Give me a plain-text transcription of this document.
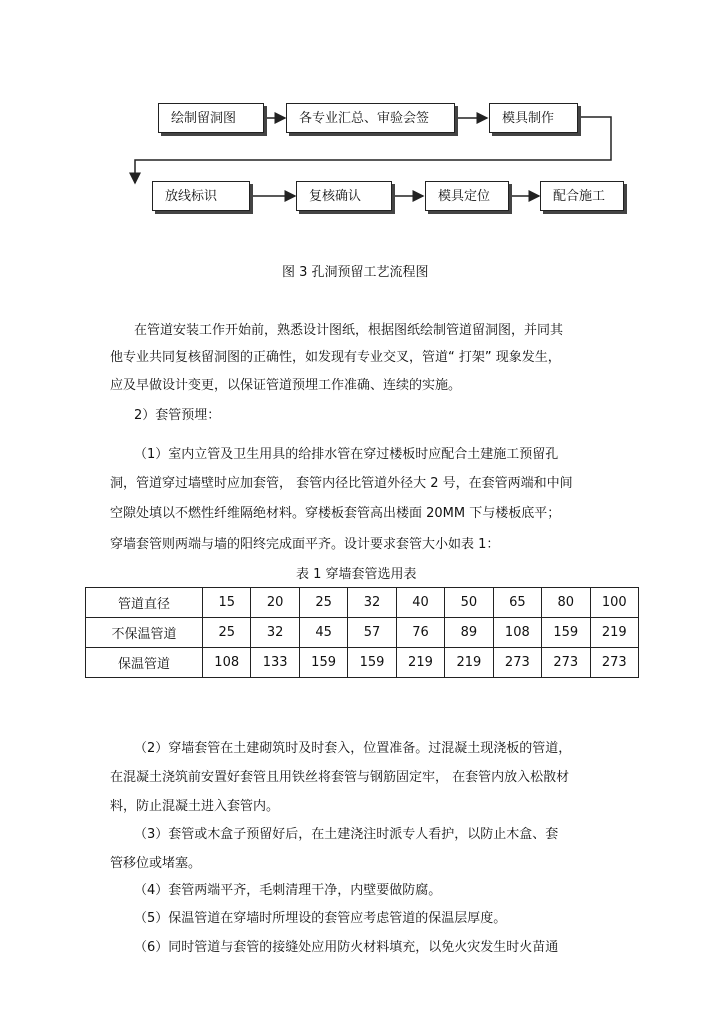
绘制留洞图	各专业汇总、审验会签	模具制作
放线标识	复核确认	模具定位	配合施工
图 3 孔洞预留工艺流程图
在管道安装工作开始前，熟悉设计图纸，根据图纸绘制管道留洞图，并同其
他专业共同复核留洞图的正确性，如发现有专业交叉，管道“ 打架” 现象发生，
应及早做设计变更，以保证管道预埋工作准确、连续的实施。
2）套管预埋：
（1）室内立管及卫生用具的给排水管在穿过楼板时应配合土建施工预留孔
洞，管道穿过墙壁时应加套管， 套管内径比管道外径大 2 号，在套管两端和中间
空隙处填以不燃性纤维隔绝材料。穿楼板套管高出楼面 20MM 下与楼板底平；
穿墙套管则两端与墙的阳终完成面平齐。设计要求套管大小如表 1：
表 1 穿墙套管选用表
管道直径	15	20	25	32	40	50	65	80	100
不保温管道	25	32	45	57	76	89	108	159	219
保温管道	108	133	159	159	219	219	273	273	273
（2）穿墙套管在土建砌筑时及时套入，位置准备。过混凝土现浇板的管道，
在混凝土浇筑前安置好套管且用铁丝将套管与钢筋固定牢， 在套管内放入松散材
料，防止混凝土进入套管内。
（3）套管或木盒子预留好后，在土建浇注时派专人看护，以防止木盒、套
管移位或堵塞。
（4）套管两端平齐，毛刺清理干净，内壁要做防腐。
（5）保温管道在穿墙时所埋设的套管应考虑管道的保温层厚度。
（6）同时管道与套管的接缝处应用防火材料填充，以免火灾发生时火苗通
